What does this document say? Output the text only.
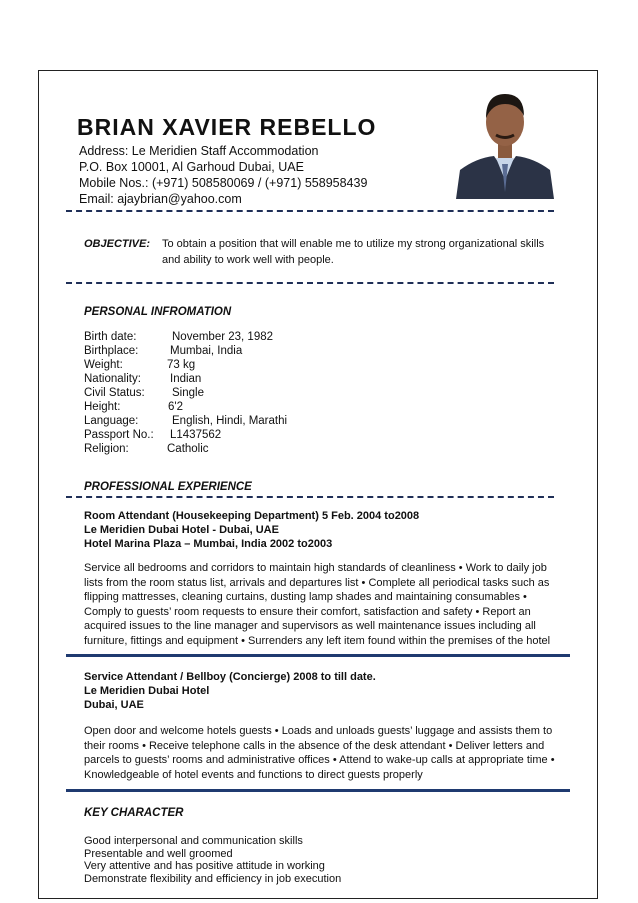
BRIAN XAVIER REBELLO
Address: Le Meridien Staff Accommodation
P.O. Box 10001, Al Garhoud Dubai, UAE
Mobile Nos.: (+971) 508580069 / (+971) 558958439
Email: ajaybrian@yahoo.com
OBJECTIVE: To obtain a position that will enable me to utilize my strong organizational skills
and ability to work well with people.
PERSONAL INFROMATION
Birth date:	November 23, 1982
Birthplace:	Mumbai, India
Weight:	73 kg
Nationality:	Indian
Civil Status: Single
Height:	6'2
Language:	English, Hindi, Marathi
Passport No.: L1437562
Religion:	Catholic
PROFESSIONAL EXPERIENCE
Room Attendant (Housekeeping Department) 5 Feb. 2004 to2008
Le Meridien Dubai Hotel - Dubai, UAE
Hotel Marina Plaza – Mumbai, India 2002 to2003
Service all bedrooms and corridors to maintain high standards of cleanliness • Work to daily job
lists from the room status list, arrivals and departures list • Complete all periodical tasks such as
flipping mattresses, cleaning curtains, dusting lamp shades and maintaining consumables •
Comply to guests’ room requests to ensure their comfort, satisfaction and safety • Report an
acquired issues to the line manager and supervisors as well maintenance issues including all
furniture, fittings and equipment • Surrenders any left item found within the premises of the hotel
Service Attendant / Bellboy (Concierge) 2008 to till date.
Le Meridien Dubai Hotel
Dubai, UAE
Open door and welcome hotels guests • Loads and unloads guests’ luggage and assists them to
their rooms • Receive telephone calls in the absence of the desk attendant • Deliver letters and
parcels to guests’ rooms and administrative offices • Attend to wake-up calls at appropriate time •
Knowledgeable of hotel events and functions to direct guests properly
KEY CHARACTER
Good interpersonal and communication skills
Presentable and well groomed
Very attentive and has positive attitude in working
Demonstrate flexibility and efficiency in job execution
